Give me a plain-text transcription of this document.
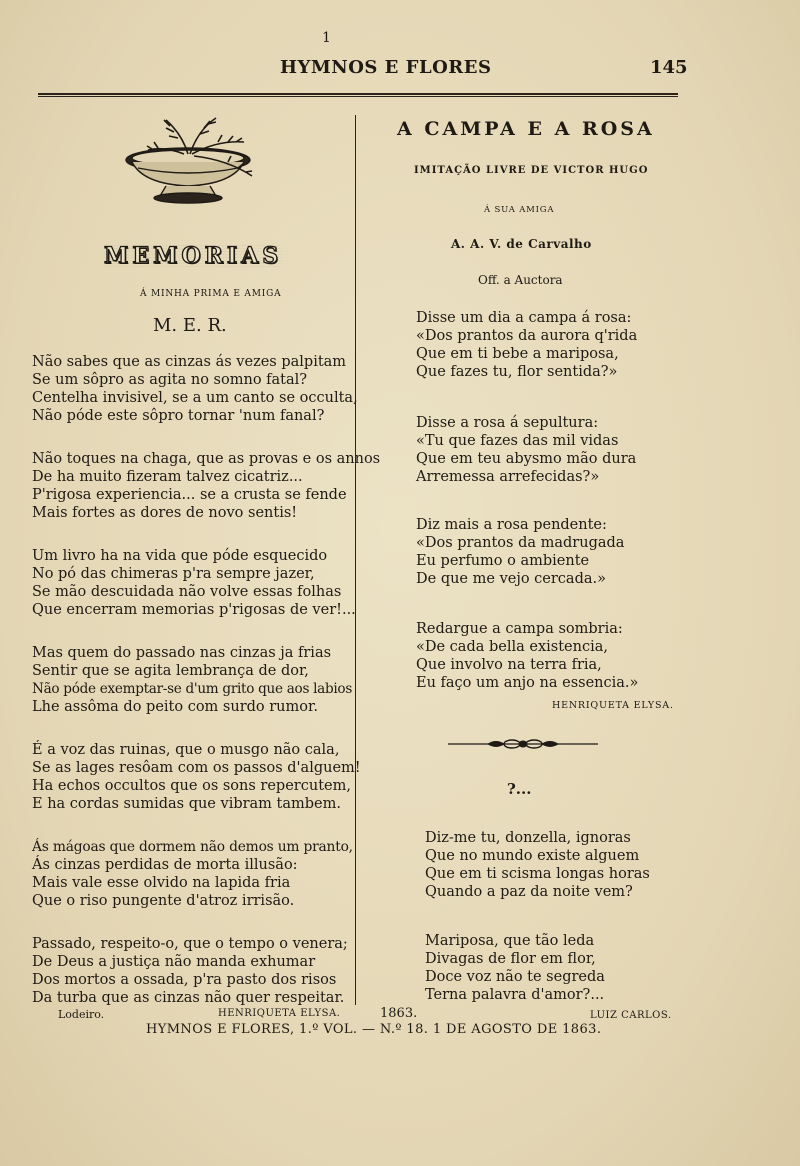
1

HYMNOS E FLORES	145

MEMORIAS

Á MINHA PRIMA E AMIGA

M. E. R.

Não sabes que as cinzas ás vezes palpitam
Se um sôpro as agita no somno fatal?
Centelha invisivel, se a um canto se occulta,
Não póde este sôpro tornar 'num fanal?
Não toques na chaga, que as provas e os annos
De ha muito fizeram talvez cicatriz...
P'rigosa experiencia... se a crusta se fende
Mais fortes as dores de novo sentis!
Um livro ha na vida que póde esquecido
No pó das chimeras p'ra sempre jazer,
Se mão descuidada não volve essas folhas
Que encerram memorias p'rigosas de ver!...
Mas quem do passado nas cinzas ja frias
Sentir que se agita lembrança de dor,
Não póde exemptar-se d'um grito que aos labios
Lhe assôma do peito com surdo rumor.
É a voz das ruinas, que o musgo não cala,
Se as lages resôam com os passos d'alguem!
Ha echos occultos que os sons repercutem,
E ha cordas sumidas que vibram tambem.
Ás mágoas que dormem não demos um pranto,
Ás cinzas perdidas de morta illusão:
Mais vale esse olvido na lapida fria
Que o riso pungente d'atroz irrisão.
Passado, respeito-o, que o tempo o venera;
De Deus a justiça não manda exhumar
Dos mortos a ossada, p'ra pasto dos risos
Da turba que as cinzas não quer respeitar.

Lodeiro.	HENRIQUETA ELYSA.

A CAMPA E A ROSA

IMITAÇÃO LIVRE DE VICTOR HUGO

Á SUA AMIGA

A. A. V. de Carvalho

Off. a Auctora

Disse um dia a campa á rosa:
«Dos prantos da aurora q'rida
Que em ti bebe a mariposa,
Que fazes tu, flor sentida?»
Disse a rosa á sepultura:
«Tu que fazes das mil vidas
Que em teu abysmo mão dura
Arremessa arrefecidas?»
Diz mais a rosa pendente:
«Dos prantos da madrugada
Eu perfumo o ambiente
De que me vejo cercada.»
Redargue a campa sombria:
«De cada bella existencia,
Que involvo na terra fria,
Eu faço um anjo na essencia.»

HENRIQUETA ELYSA.

?...

Diz-me tu, donzella, ignoras
Que no mundo existe alguem
Que em ti scisma longas horas
Quando a paz da noite vem?
Mariposa, que tão leda
Divagas de flor em flor,
Doce voz não te segreda
Terna palavra d'amor?...

1863.	LUIZ CARLOS.

HYMNOS E FLORES, 1.º VOL. — N.º 18. 1 DE AGOSTO DE 1863.
